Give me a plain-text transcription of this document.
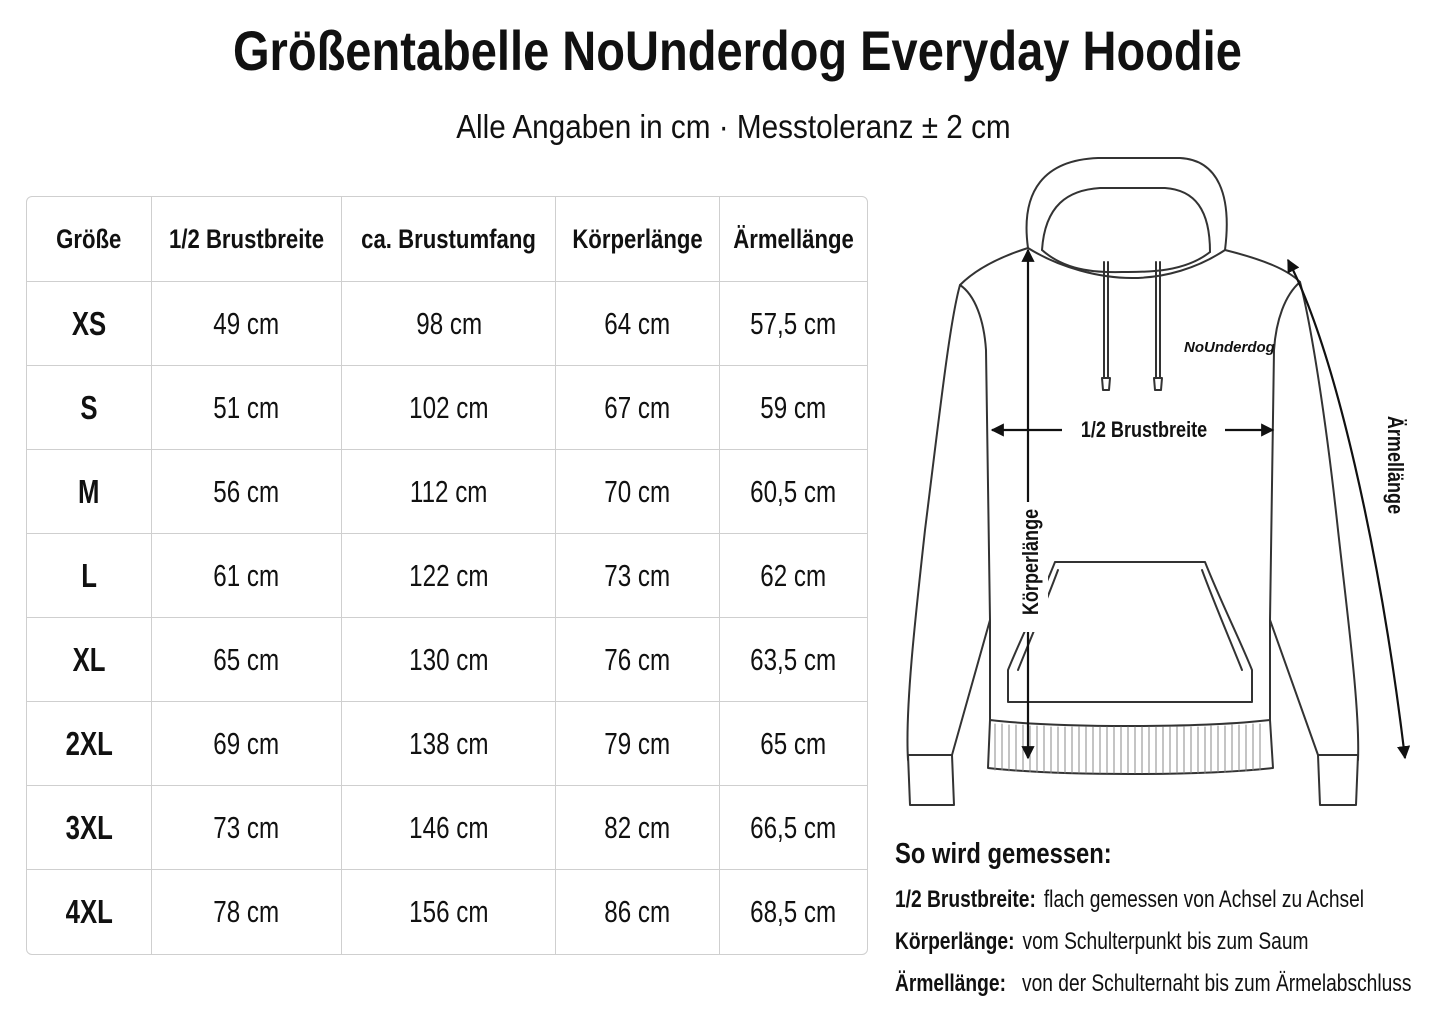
Größentabelle NoUnderdog Everyday Hoodie
Alle Angaben in cm · Messtoleranz ± 2 cm
Größe	1/2 Brustbreite	ca. Brustumfang	Körperlänge	Ärmellänge
XS	49 cm	98 cm	64 cm	57,5 cm
S	51 cm	102 cm	67 cm	59 cm
M	56 cm	112 cm	70 cm	60,5 cm
L	61 cm	122 cm	73 cm	62 cm
XL	65 cm	130 cm	76 cm	63,5 cm
2XL	69 cm	138 cm	79 cm	65 cm
3XL	73 cm	146 cm	82 cm	66,5 cm
4XL	78 cm	156 cm	86 cm	68,5 cm
NoUnderdog
1/2 Brustbreite
Körperlänge
Ärmellänge
So wird gemessen:
1/2 Brustbreite: flach gemessen von Achsel zu Achsel
Körperlänge: vom Schulterpunkt bis zum Saum
Ärmellänge: von der Schulternaht bis zum Ärmelabschluss
